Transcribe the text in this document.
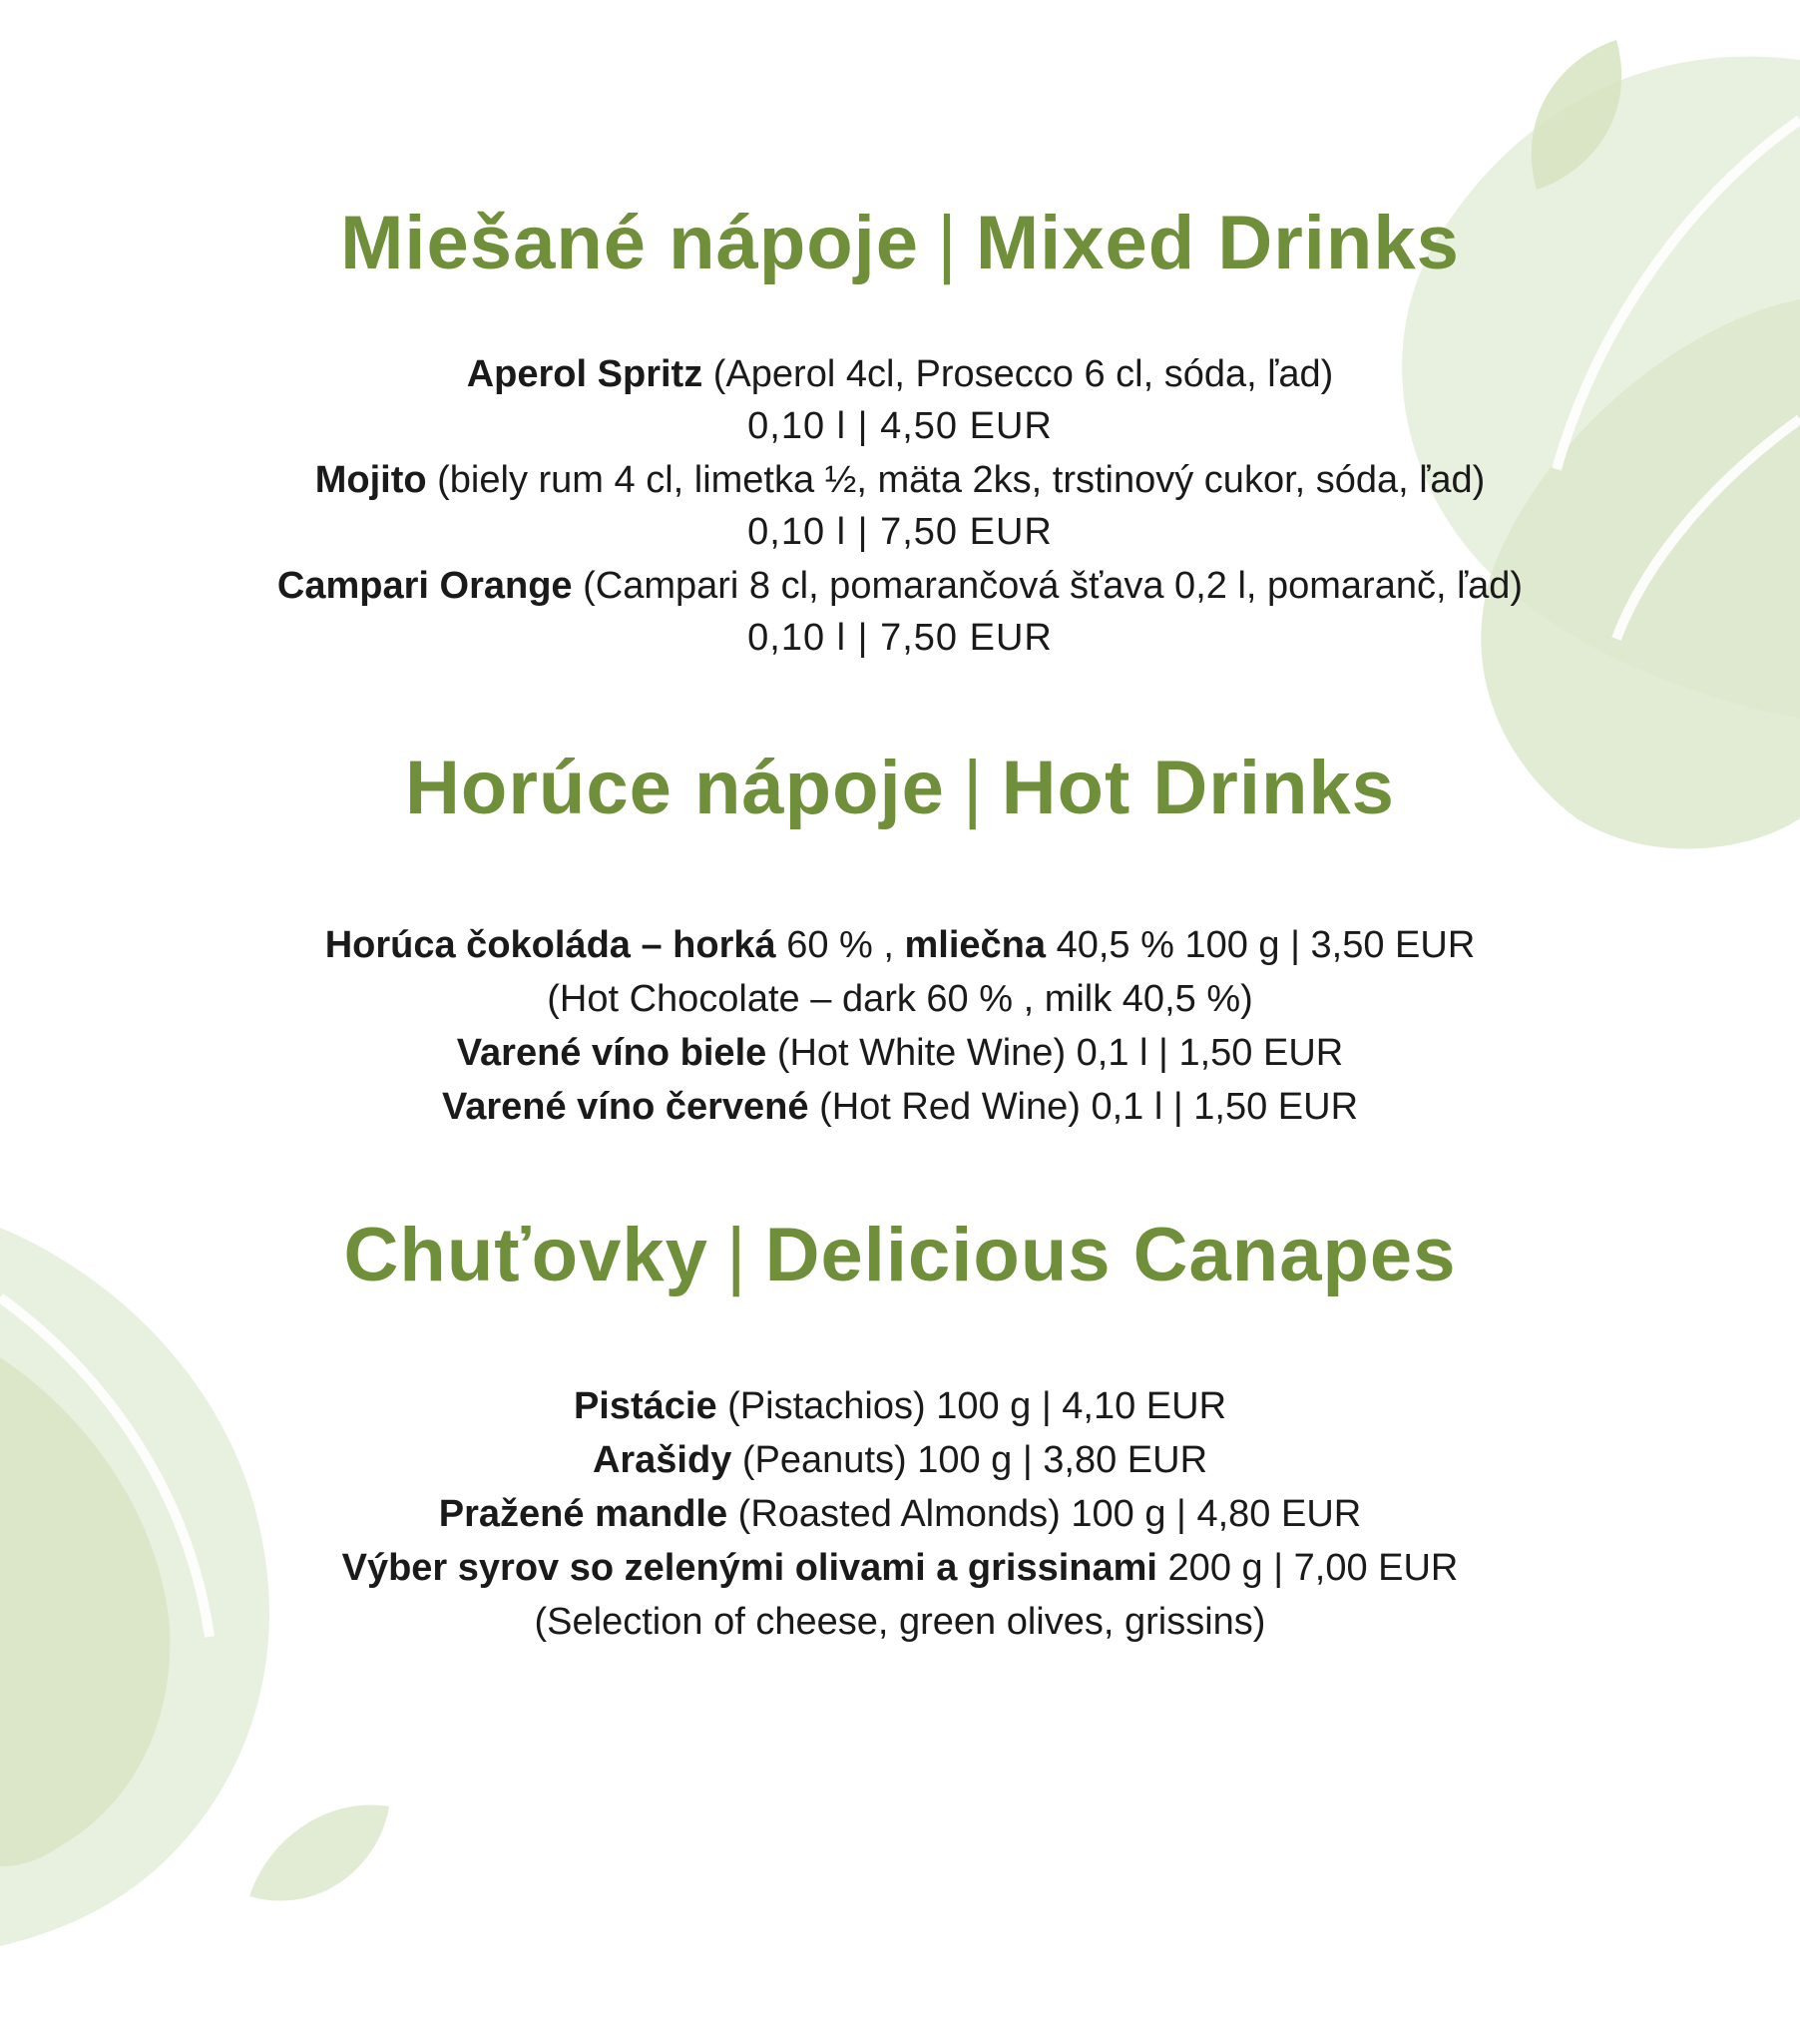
Miešané nápoje | Mixed Drinks
Aperol Spritz (Aperol 4cl, Prosecco 6 cl, sóda, ľad)
0,10 l | 4,50 EUR
Mojito (biely rum 4 cl, limetka ½, mäta 2ks, trstinový cukor, sóda, ľad)
0,10 l | 7,50 EUR
Campari Orange (Campari 8 cl, pomarančová šťava 0,2 l, pomaranč, ľad)
0,10 l | 7,50 EUR
Horúce nápoje | Hot Drinks
Horúca čokoláda – horká 60 % , mliečna 40,5 % 100 g | 3,50 EUR
(Hot Chocolate – dark 60 % , milk 40,5 %)
Varené víno biele (Hot White Wine) 0,1 l | 1,50 EUR
Varené víno červené (Hot Red Wine) 0,1 l | 1,50 EUR
Chuťovky | Delicious Canapes
Pistácie (Pistachios) 100 g | 4,10 EUR
Arašidy (Peanuts) 100 g | 3,80 EUR
Pražené mandle (Roasted Almonds) 100 g | 4,80 EUR
Výber syrov so zelenými olivami a grissinami 200 g | 7,00 EUR
(Selection of cheese, green olives, grissins)
